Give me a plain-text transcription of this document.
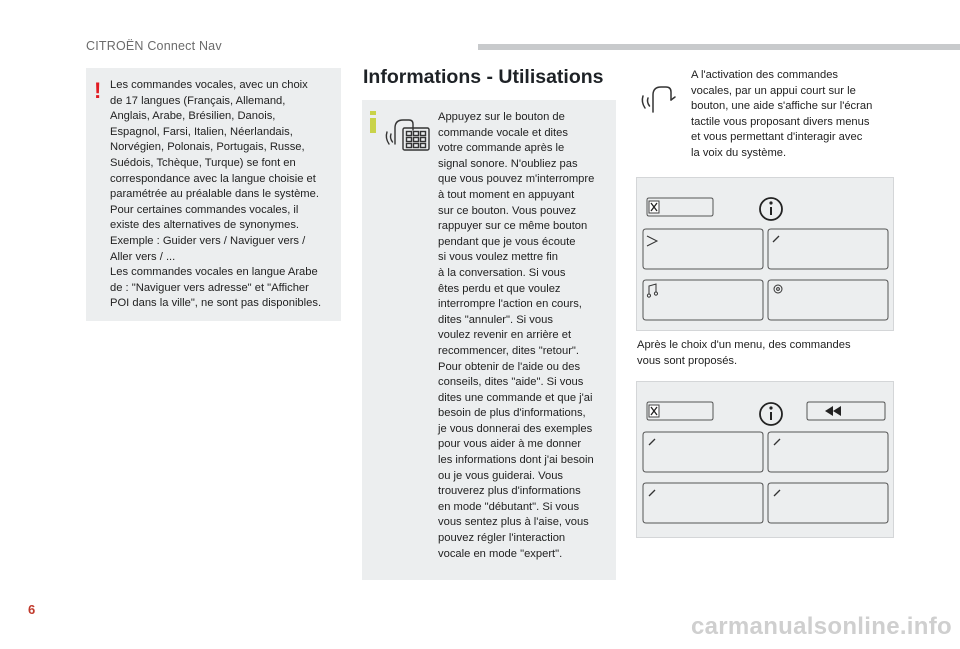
CITROËN Connect Nav
! Les commandes vocales, avec un choix
de 17 langues (Français, Allemand,
Anglais, Arabe, Brésilien, Danois,
Espagnol, Farsi, Italien, Néerlandais,
Norvégien, Polonais, Portugais, Russe,
Suédois, Tchèque, Turque) se font en
correspondance avec la langue choisie et
paramétrée au préalable dans le système.
Pour certaines commandes vocales, il
existe des alternatives de synonymes.
Exemple : Guider vers / Naviguer vers /
Aller vers / ...
Les commandes vocales en langue Arabe
de : "Naviguer vers adresse" et "Afficher
POI dans la ville", ne sont pas disponibles.
Informations - Utilisations
Appuyez sur le bouton de
commande vocale et dites
votre commande après le
signal sonore. N'oubliez pas
que vous pouvez m'interrompre
à tout moment en appuyant
sur ce bouton. Vous pouvez
rappuyer sur ce même bouton
pendant que je vous écoute
si vous voulez mettre fin
à la conversation. Si vous
êtes perdu et que voulez
interrompre l'action en cours,
dites "annuler". Si vous
voulez revenir en arrière et
recommencer, dites "retour".
Pour obtenir de l'aide ou des
conseils, dites "aide". Si vous
dites une commande et que j'ai
besoin de plus d'informations,
je vous donnerai des exemples
pour vous aider à me donner
les informations dont j'ai besoin
ou je vous guiderai. Vous
trouverez plus d'informations
en mode "débutant". Si vous
vous sentez plus à l'aise, vous
pouvez régler l'interaction
vocale en mode "expert".
A l'activation des commandes
vocales, par un appui court sur le
bouton, une aide s'affiche sur l'écran
tactile vous proposant divers menus
et vous permettant d'interagir avec
la voix du système.
Après le choix d'un menu, des commandes
vous sont proposés.
6
carmanualsonline.info
